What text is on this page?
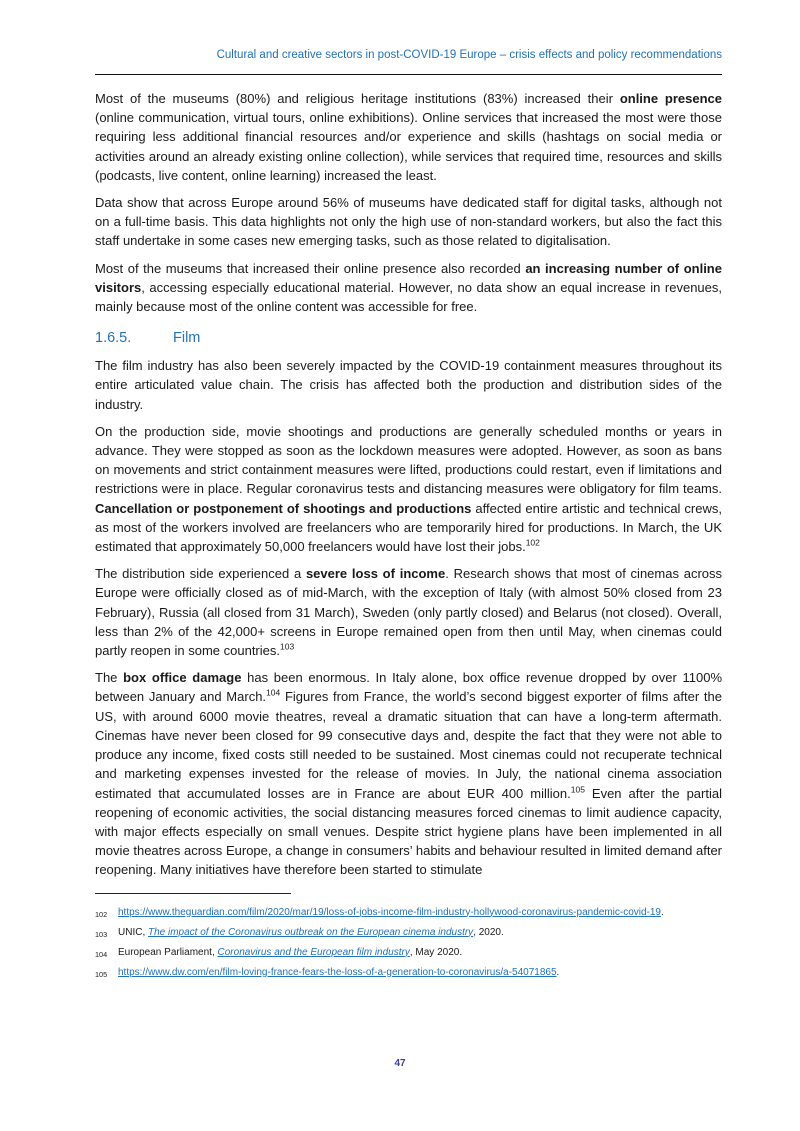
Cultural and creative sectors in post-COVID-19 Europe – crisis effects and policy recommendations

Most of the museums (80%) and religious heritage institutions (83%) increased their online presence (online communication, virtual tours, online exhibitions). Online services that increased the most were those requiring less additional financial resources and/or experience and skills (hashtags on social media or activities around an already existing online collection), while services that required time, resources and skills (podcasts, live content, online learning) increased the least.

Data show that across Europe around 56% of museums have dedicated staff for digital tasks, although not on a full-time basis. This data highlights not only the high use of non-standard workers, but also the fact this staff undertake in some cases new emerging tasks, such as those related to digitalisation.

Most of the museums that increased their online presence also recorded an increasing number of online visitors, accessing especially educational material. However, no data show an equal increase in revenues, mainly because most of the online content was accessible for free.

1.6.5.	Film

The film industry has also been severely impacted by the COVID-19 containment measures throughout its entire articulated value chain. The crisis has affected both the production and distribution sides of the industry.

On the production side, movie shootings and productions are generally scheduled months or years in advance. They were stopped as soon as the lockdown measures were adopted. However, as soon as bans on movements and strict containment measures were lifted, productions could restart, even if limitations and restrictions were in place. Regular coronavirus tests and distancing measures were obligatory for film teams. Cancellation or postponement of shootings and productions affected entire artistic and technical crews, as most of the workers involved are freelancers who are temporarily hired for productions. In March, the UK estimated that approximately 50,000 freelancers would have lost their jobs.$^{102}$

The distribution side experienced a severe loss of income. Research shows that most of cinemas across Europe were officially closed as of mid-March, with the exception of Italy (with almost 50% closed from 23 February), Russia (all closed from 31 March), Sweden (only partly closed) and Belarus (not closed). Overall, less than 2% of the 42,000+ screens in Europe remained open from then until May, when cinemas could partly reopen in some countries.$^{103}$

The box office damage has been enormous. In Italy alone, box office revenue dropped by over 1100% between January and March.$^{104}$ Figures from France, the world’s second biggest exporter of films after the US, with around 6000 movie theatres, reveal a dramatic situation that can have a long-term aftermath. Cinemas have never been closed for 99 consecutive days and, despite the fact that they were not able to produce any income, fixed costs still needed to be sustained. Most cinemas could not recuperate technical and marketing expenses invested for the release of movies. In July, the national cinema association estimated that accumulated losses are in France are about EUR 400 million.$^{105}$ Even after the partial reopening of economic activities, the social distancing measures forced cinemas to limit audience capacity, with major effects especially on small venues. Despite strict hygiene plans have been implemented in all movie theatres across Europe, a change in consumers’ habits and behaviour resulted in limited demand after reopening. Many initiatives have therefore been started to stimulate

102	https://www.theguardian.com/film/2020/mar/19/loss-of-jobs-income-film-industry-hollywood-coronavirus-pandemic-covid-19.
103	UNIC, The impact of the Coronavirus outbreak on the European cinema industry, 2020.
104	European Parliament, Coronavirus and the European film industry, May 2020.
105	https://www.dw.com/en/film-loving-france-fears-the-loss-of-a-generation-to-coronavirus/a-54071865.
47
